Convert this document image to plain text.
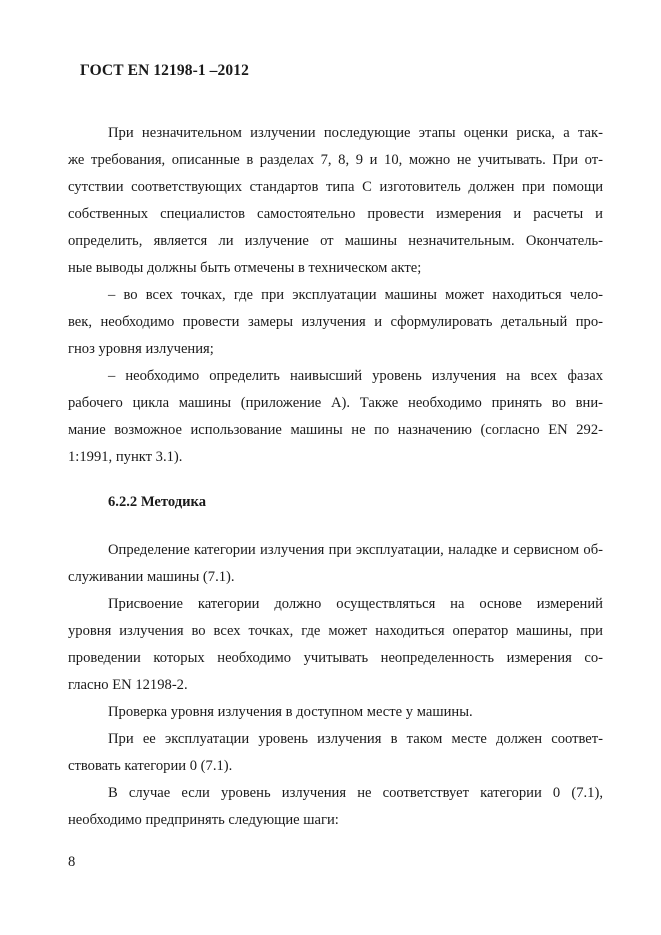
ГОСТ EN 12198-1 –2012
При незначительном излучении последующие этапы оценки риска, а так-
же требования, описанные в разделах 7, 8, 9 и 10, можно не учитывать. При от-
сутствии соответствующих стандартов типа C изготовитель должен при помощи
собственных специалистов самостоятельно провести измерения и расчеты и
определить, является ли излучение от машины незначительным. Окончатель-
ные выводы должны быть отмечены в техническом акте;
– во всех точках, где при эксплуатации машины может находиться чело-
век, необходимо провести замеры излучения и сформулировать детальный про-
гноз уровня излучения;
– необходимо определить наивысший уровень излучения на всех фазах
рабочего цикла машины (приложение А). Также необходимо принять во вни-
мание возможное использование машины не по назначению (согласно EN 292-
1:1991, пункт 3.1).
6.2.2 Методика
Определение категории излучения при эксплуатации, наладке и сервисном об-
служивании машины (7.1).
Присвоение категории должно осуществляться на основе измерений
уровня излучения во всех точках, где может находиться оператор машины, при
проведении которых необходимо учитывать неопределенность измерения со-
гласно EN 12198-2.
Проверка уровня излучения в доступном месте у машины.
При ее эксплуатации уровень излучения в таком месте должен соответ-
ствовать категории 0 (7.1).
В случае если уровень излучения не соответствует категории 0 (7.1),
необходимо предпринять следующие шаги:
8
